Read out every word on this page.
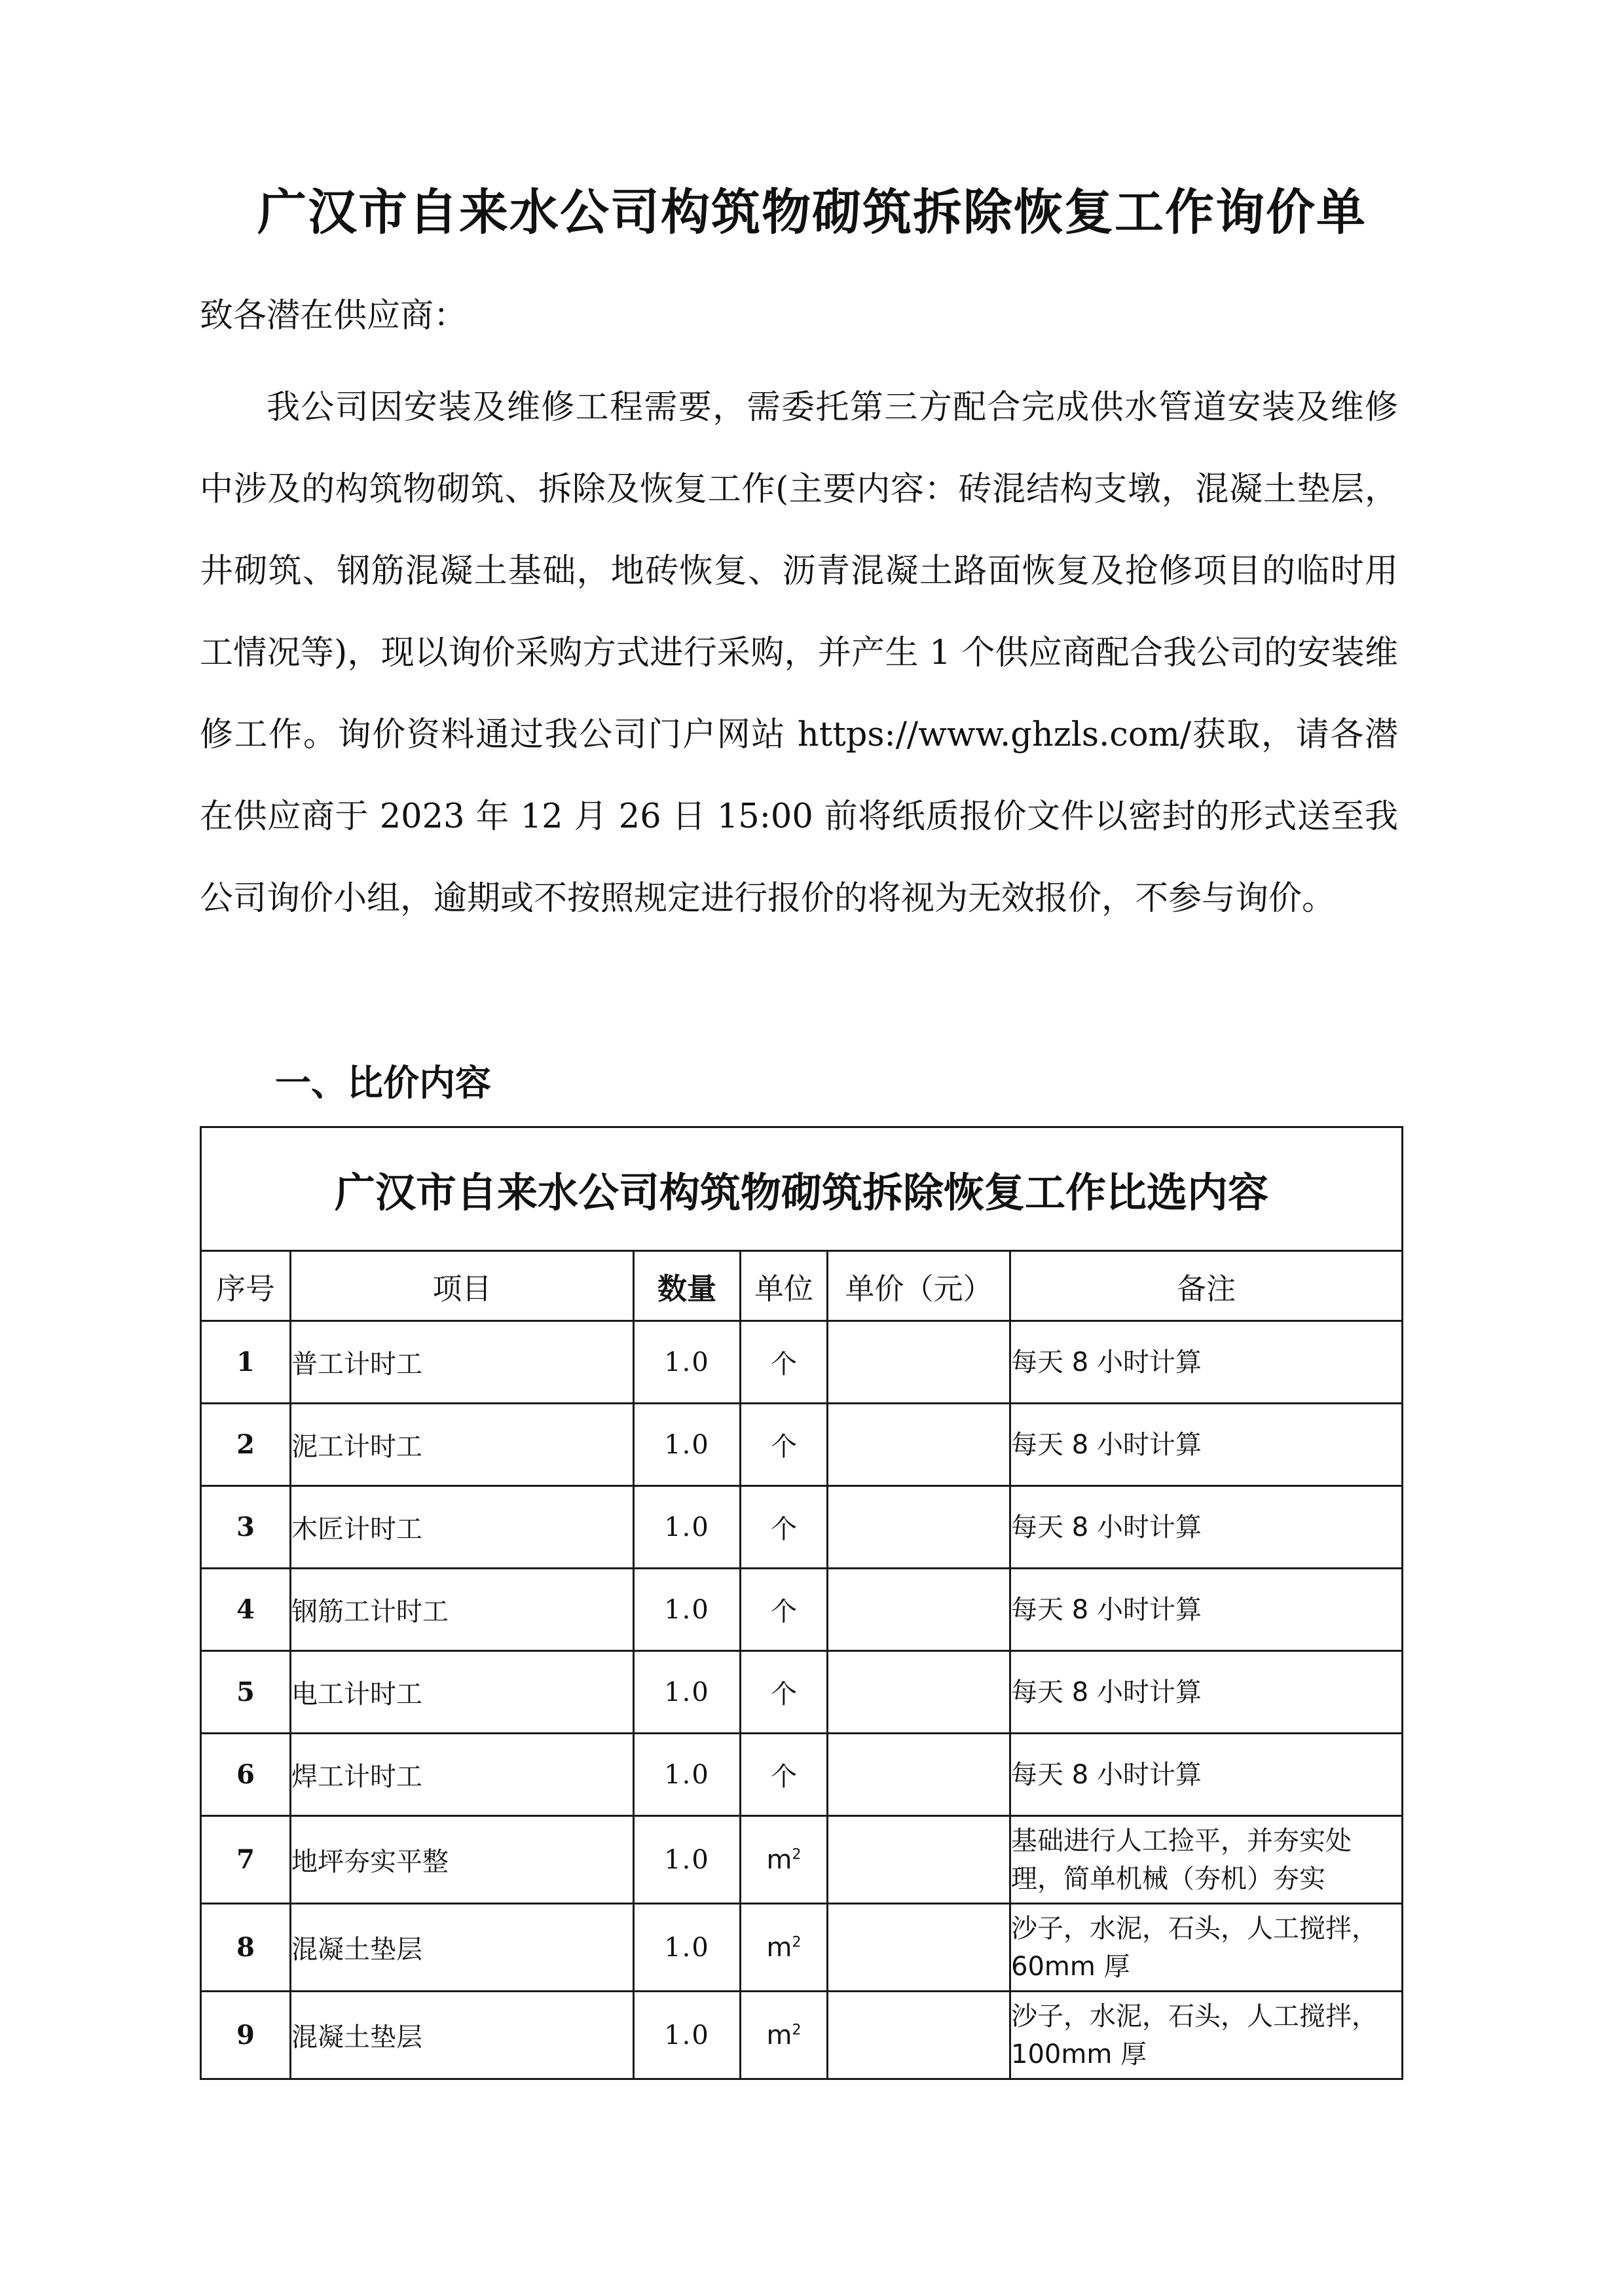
广汉市自来水公司构筑物砌筑拆除恢复工作询价单
致各潜在供应商：
我公司因安装及维修工程需要，需委托第三方配合完成供水管道安装及维修中涉及的构筑物砌筑、拆除及恢复工作(主要内容：砖混结构支墩，混凝土垫层，井砌筑、钢筋混凝土基础，地砖恢复、沥青混凝土路面恢复及抢修项目的临时用工情况等)，现以询价采购方式进行采购，并产生 1 个供应商配合我公司的安装维修工作。询价资料通过我公司门户网站 https://www.ghzls.com/获取，请各潜在供应商于 2023 年 12 月 26 日 15:00 前将纸质报价文件以密封的形式送至我公司询价小组，逾期或不按照规定进行报价的将视为无效报价，不参与询价。
一、比价内容
广汉市自来水公司构筑物砌筑拆除恢复工作比选内容					
序号	项目	数量	单位	单价（元）	备注
1	普工计时工	1.0	个		每天 8 小时计算
2	泥工计时工	1.0	个		每天 8 小时计算
3	木匠计时工	1.0	个		每天 8 小时计算
4	钢筋工计时工	1.0	个		每天 8 小时计算
5	电工计时工	1.0	个		每天 8 小时计算
6	焊工计时工	1.0	个		每天 8 小时计算
7	地坪夯实平整	1.0	$m^2$		基础进行人工捡平，并夯实处理，简单机械（夯机）夯实
8	混凝土垫层	1.0	$m^2$		沙子，水泥，石头，人工搅拌，60mm 厚
9	混凝土垫层	1.0	$m^2$		沙子，水泥，石头，人工搅拌，100mm 厚
